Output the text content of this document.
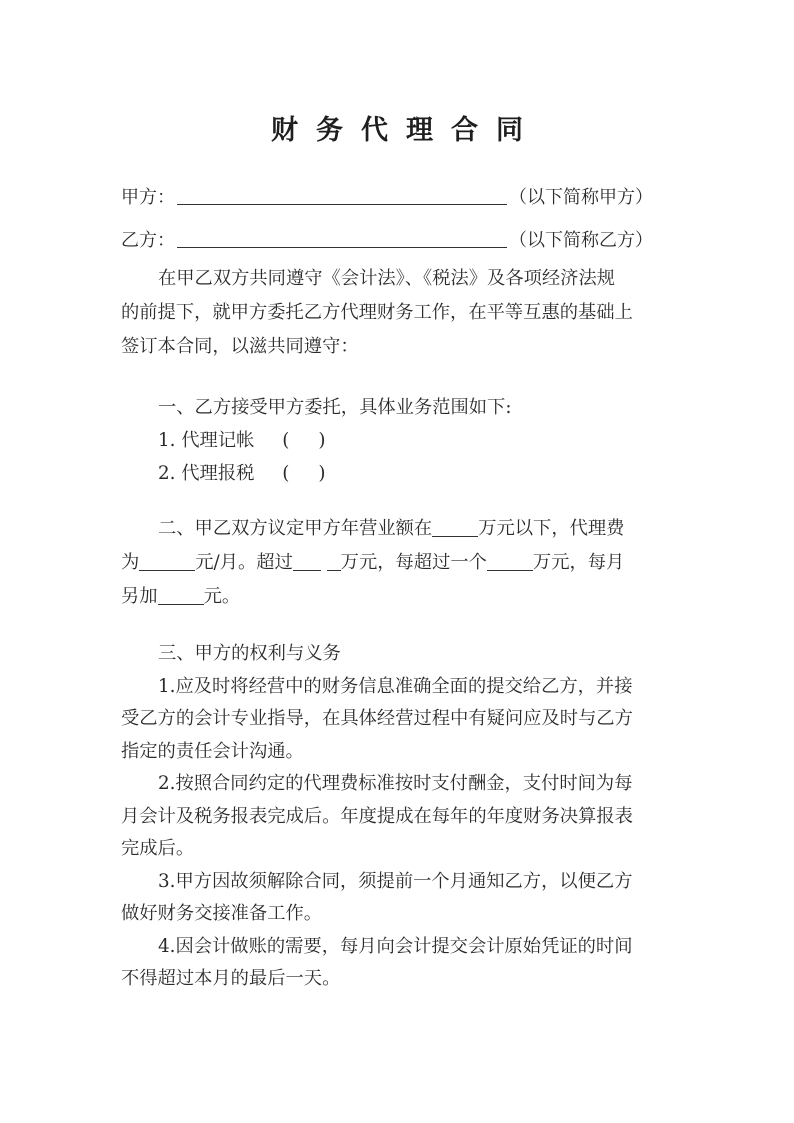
财务代理合同
甲方：	（以下简称甲方）
乙方：	（以下简称乙方）
在甲乙双方共同遵守《会计法》、《税法》及各项经济法规
的前提下，就甲方委托乙方代理财务工作，在平等互惠的基础上
签订本合同，以滋共同遵守：
一、乙方接受甲方委托，具体业务范围如下:
1. 代理记帐 (     )
2. 代理报税 (     )
二、甲乙双方议定甲方年营业额在	万元以下，代理费
为	元/月。超过	万元，每超过一个	万元，每月
另加	元。
三、甲方的权利与义务
1.应及时将经营中的财务信息准确全面的提交给乙方，并接
受乙方的会计专业指导，在具体经营过程中有疑问应及时与乙方
指定的责任会计沟通。
2.按照合同约定的代理费标准按时支付酬金，支付时间为每
月会计及税务报表完成后。年度提成在每年的年度财务决算报表
完成后。
3.甲方因故须解除合同，须提前一个月通知乙方，以便乙方
做好财务交接准备工作。
4.因会计做账的需要，每月向会计提交会计原始凭证的时间
不得超过本月的最后一天。
